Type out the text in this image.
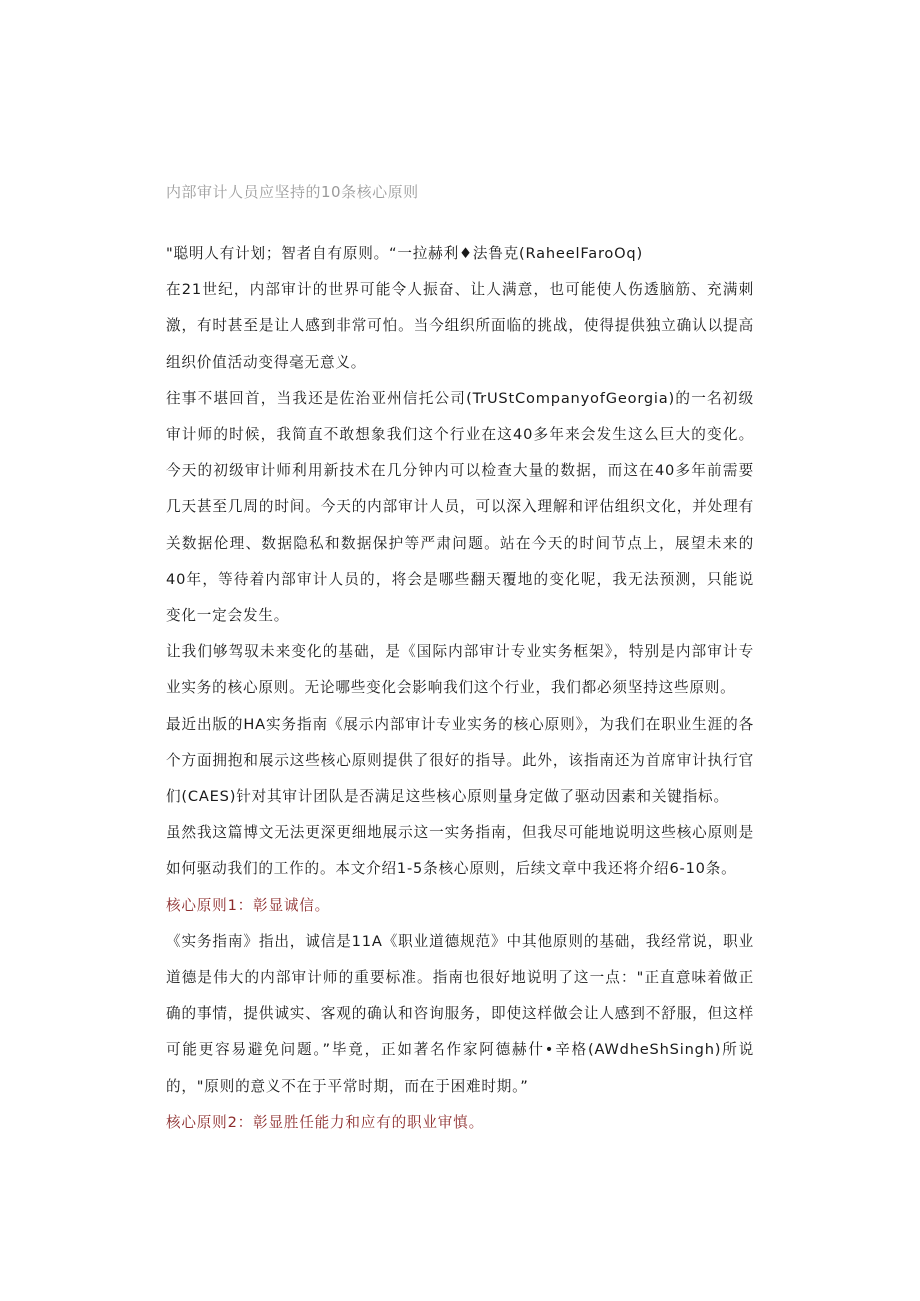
内部审计人员应坚持的10条核心原则

"聪明人有计划；智者自有原则。“一拉赫利♦法鲁克(RaheelFaroOq)

在21世纪，内部审计的世界可能令人振奋、让人满意，也可能使人伤透脑筋、充满刺激，有时甚至是让人感到非常可怕。当今组织所面临的挑战，使得提供独立确认以提高组织价值活动变得毫无意义。

往事不堪回首，当我还是佐治亚州信托公司(TrUStCompanyofGeorgia)的一名初级审计师的时候，我简直不敢想象我们这个行业在这40多年来会发生这么巨大的变化。今天的初级审计师利用新技术在几分钟内可以检查大量的数据，而这在40多年前需要几天甚至几周的时间。今天的内部审计人员，可以深入理解和评估组织文化，并处理有关数据伦理、数据隐私和数据保护等严肃问题。站在今天的时间节点上，展望未来的40年，等待着内部审计人员的，将会是哪些翻天覆地的变化呢，我无法预测，只能说变化一定会发生。

让我们够驾驭未来变化的基础，是《国际内部审计专业实务框架》，特别是内部审计专业实务的核心原则。无论哪些变化会影响我们这个行业，我们都必须坚持这些原则。

最近出版的HA实务指南《展示内部审计专业实务的核心原则》，为我们在职业生涯的各个方面拥抱和展示这些核心原则提供了很好的指导。此外，该指南还为首席审计执行官们(CAES)针对其审计团队是否满足这些核心原则量身定做了驱动因素和关键指标。

虽然我这篇博文无法更深更细地展示这一实务指南，但我尽可能地说明这些核心原则是如何驱动我们的工作的。本文介绍1-5条核心原则，后续文章中我还将介绍6-10条。

核心原则1：彰显诚信。

《实务指南》指出，诚信是11A《职业道德规范》中其他原则的基础，我经常说，职业道德是伟大的内部审计师的重要标准。指南也很好地说明了这一点："正直意味着做正确的事情，提供诚实、客观的确认和咨询服务，即使这样做会让人感到不舒服，但这样可能更容易避免问题。”毕竟，正如著名作家阿德赫什•辛格(AWdheShSingh)所说的，"原则的意义不在于平常时期，而在于困难时期。”

核心原则2：彰显胜任能力和应有的职业审慎。
